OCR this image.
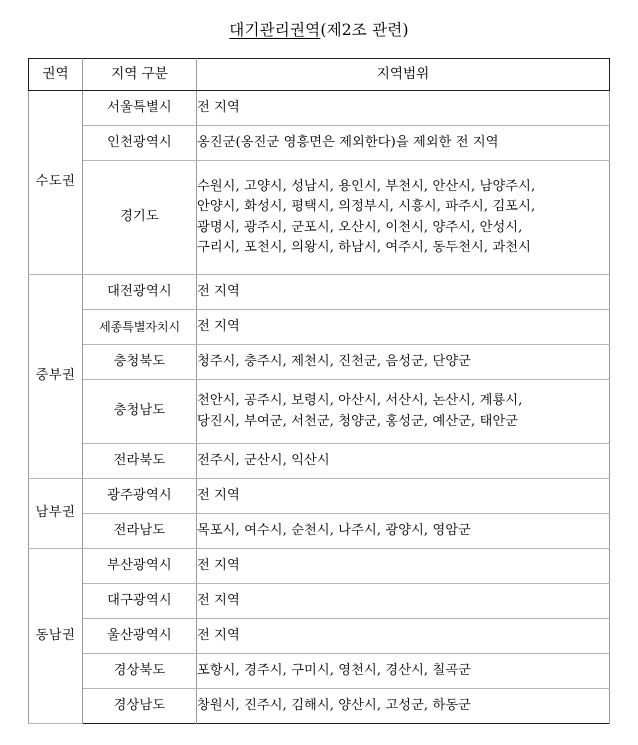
대기관리권역(제2조 관련)
권역	지역 구분	지역범위
수도권	서울특별시	전 지역

	인천광역시	옹진군(옹진군 영흥면은 제외한다)을 제외한 전 지역

	경기도	수원시, 고양시, 성남시, 용인시, 부천시, 안산시, 남양주시,
안양시, 화성시, 평택시, 의정부시, 시흥시, 파주시, 김포시,
광명시, 광주시, 군포시, 오산시, 이천시, 양주시, 안성시,
구리시, 포천시, 의왕시, 하남시, 여주시, 동두천시, 과천시

중부권	대전광역시	전 지역

	세종특별자치시	전 지역

	충청북도	청주시, 충주시, 제천시, 진천군, 음성군, 단양군

	충청남도	천안시, 공주시, 보령시, 아산시, 서산시, 논산시, 계룡시,
당진시, 부여군, 서천군, 청양군, 홍성군, 예산군, 태안군

	전라북도	전주시, 군산시, 익산시

남부권	광주광역시	전 지역

	전라남도	목포시, 여수시, 순천시, 나주시, 광양시, 영암군

동남권	부산광역시	전 지역

	대구광역시	전 지역

	울산광역시	전 지역

	경상북도	포항시, 경주시, 구미시, 영천시, 경산시, 칠곡군

	경상남도	창원시, 진주시, 김해시, 양산시, 고성군, 하동군
